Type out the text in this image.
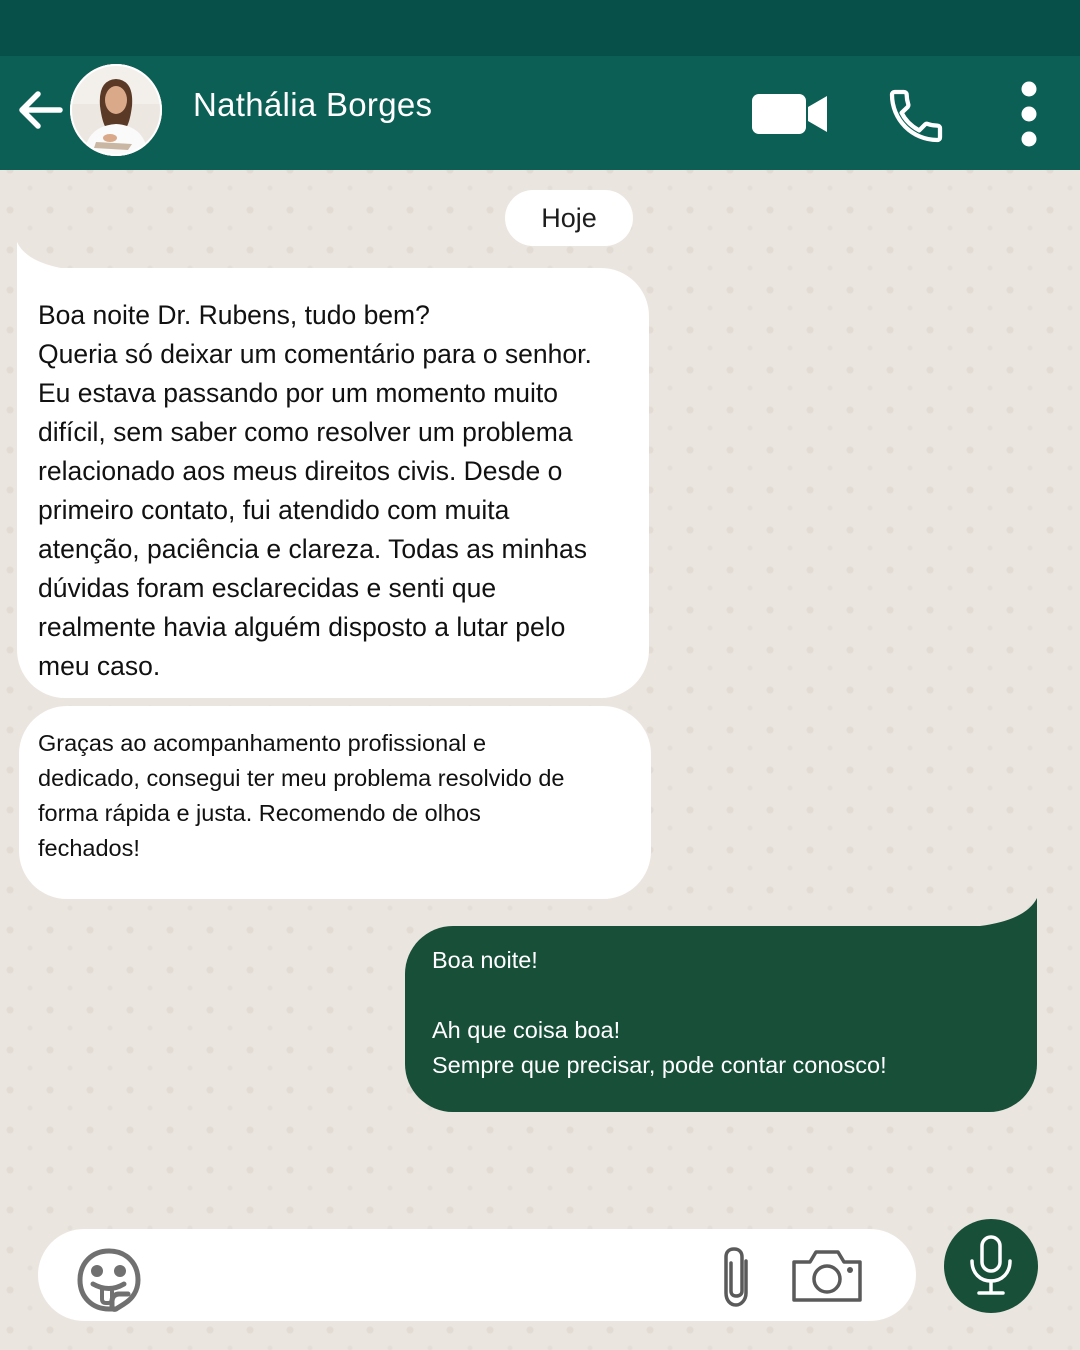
Nathália Borges
Hoje
Boa noite Dr. Rubens, tudo bem?
Queria só deixar um comentário para o senhor.
Eu estava passando por um momento muito
difícil, sem saber como resolver um problema
relacionado aos meus direitos civis. Desde o
primeiro contato, fui atendido com muita
atenção, paciência e clareza. Todas as minhas
dúvidas foram esclarecidas e senti que
realmente havia alguém disposto a lutar pelo
meu caso.
Graças ao acompanhamento profissional e
dedicado, consegui ter meu problema resolvido de
forma rápida e justa. Recomendo de olhos
fechados!
Boa noite!
Ah que coisa boa!
Sempre que precisar, pode contar conosco!
